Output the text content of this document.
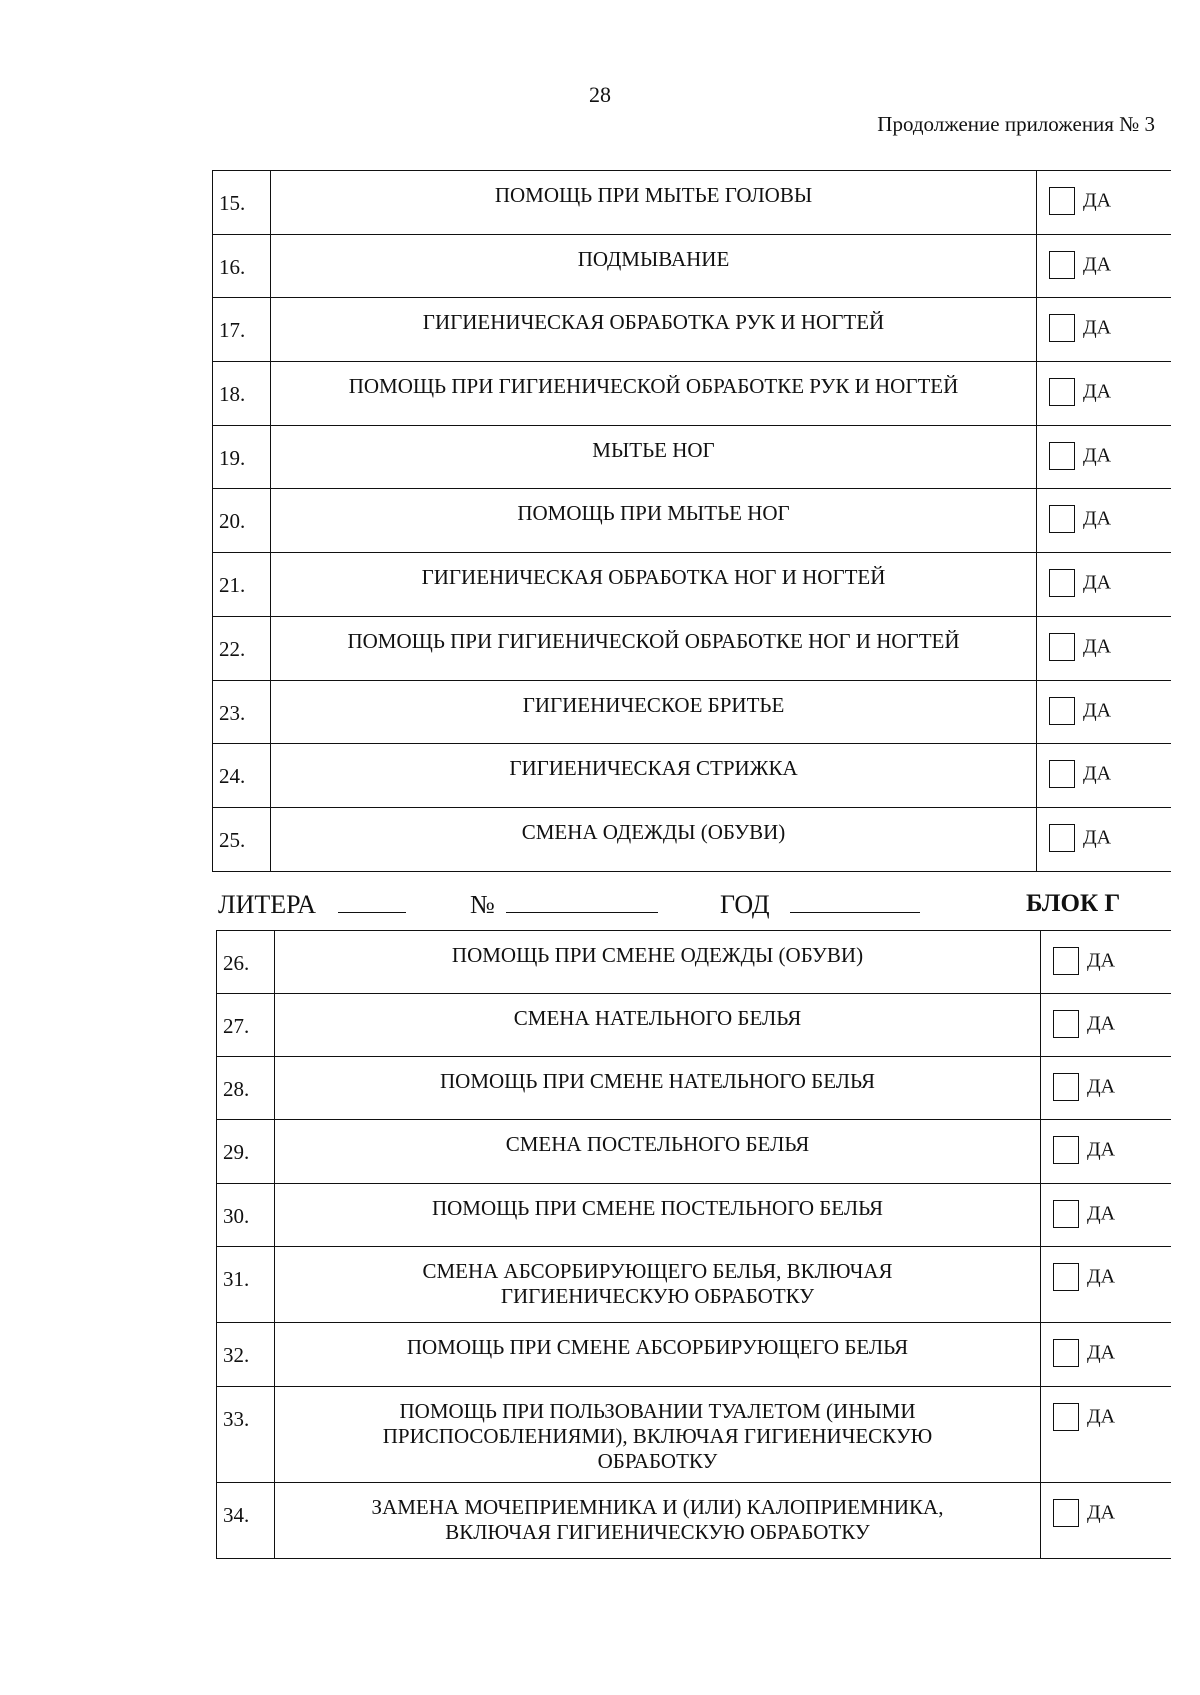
28
Продолжение приложения № 3
15.	ПОМОЩЬ ПРИ МЫТЬЕ ГОЛОВЫ	ДА
16.	ПОДМЫВАНИЕ	ДА
17.	ГИГИЕНИЧЕСКАЯ ОБРАБОТКА РУК И НОГТЕЙ	ДА
18.	ПОМОЩЬ ПРИ ГИГИЕНИЧЕСКОЙ ОБРАБОТКЕ РУК И НОГТЕЙ	ДА
19.	МЫТЬЕ НОГ	ДА
20.	ПОМОЩЬ ПРИ МЫТЬЕ НОГ	ДА
21.	ГИГИЕНИЧЕСКАЯ ОБРАБОТКА НОГ И НОГТЕЙ	ДА
22.	ПОМОЩЬ ПРИ ГИГИЕНИЧЕСКОЙ ОБРАБОТКЕ НОГ И НОГТЕЙ	ДА
23.	ГИГИЕНИЧЕСКОЕ БРИТЬЕ	ДА
24.	ГИГИЕНИЧЕСКАЯ СТРИЖКА	ДА
25.	СМЕНА ОДЕЖДЫ (ОБУВИ)	ДА
ЛИТЕРА	№	ГОД	БЛОК Г
26.	ПОМОЩЬ ПРИ СМЕНЕ ОДЕЖДЫ (ОБУВИ)	ДА
27.	СМЕНА НАТЕЛЬНОГО БЕЛЬЯ	ДА
28.	ПОМОЩЬ ПРИ СМЕНЕ НАТЕЛЬНОГО БЕЛЬЯ	ДА
29.	СМЕНА ПОСТЕЛЬНОГО БЕЛЬЯ	ДА
30.	ПОМОЩЬ ПРИ СМЕНЕ ПОСТЕЛЬНОГО БЕЛЬЯ	ДА
31.	СМЕНА АБСОРБИРУЮЩЕГО БЕЛЬЯ, ВКЛЮЧАЯ
ГИГИЕНИЧЕСКУЮ ОБРАБОТКУ	ДА
32.	ПОМОЩЬ ПРИ СМЕНЕ АБСОРБИРУЮЩЕГО БЕЛЬЯ	ДА
33.	ПОМОЩЬ ПРИ ПОЛЬЗОВАНИИ ТУАЛЕТОМ (ИНЫМИ
ПРИСПОСОБЛЕНИЯМИ), ВКЛЮЧАЯ ГИГИЕНИЧЕСКУЮ
ОБРАБОТКУ	ДА
34.	ЗАМЕНА МОЧЕПРИЕМНИКА И (ИЛИ) КАЛОПРИЕМНИКА,
ВКЛЮЧАЯ ГИГИЕНИЧЕСКУЮ ОБРАБОТКУ	ДА
